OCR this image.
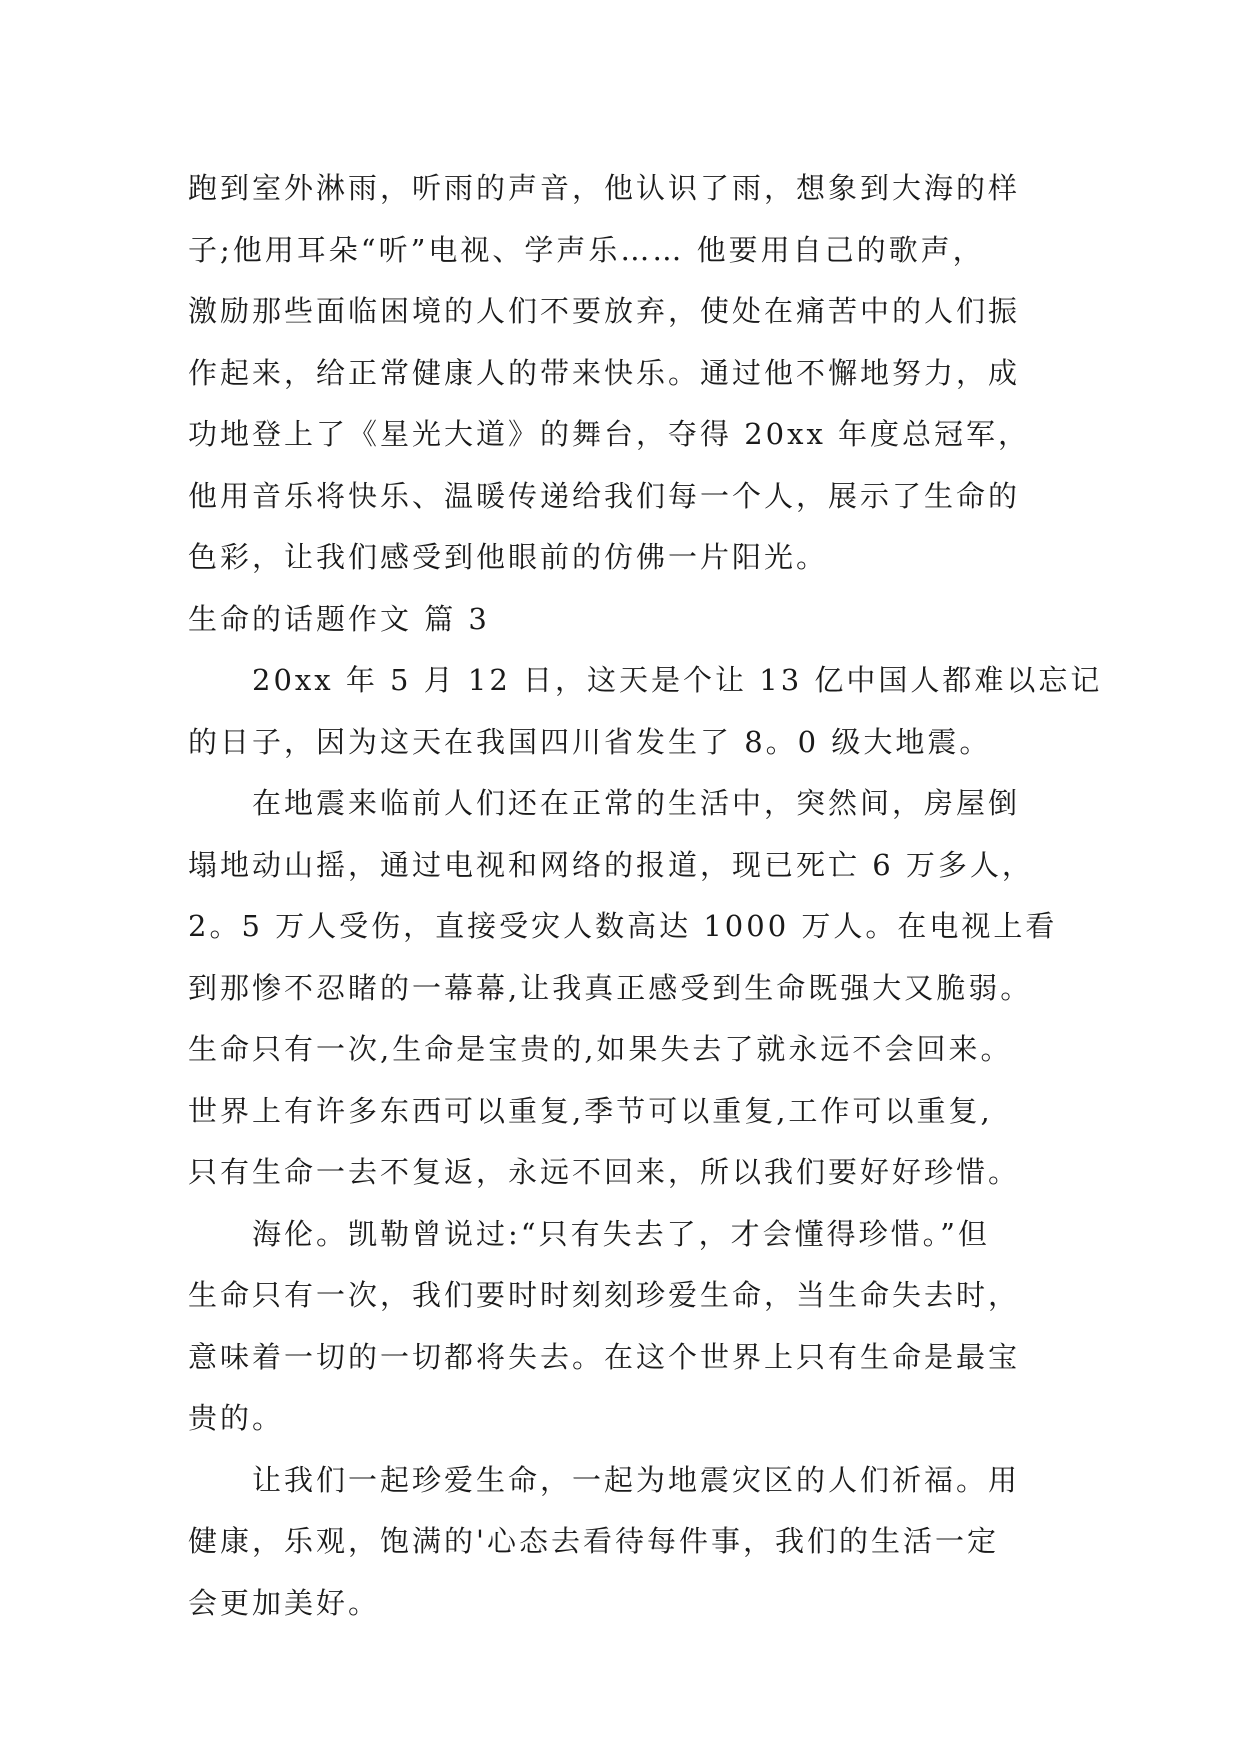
跑到室外淋雨，听雨的声音，他认识了雨，想象到大海的样
子;他用耳朵“听”电视、学声乐…… 他要用自己的歌声，
激励那些面临困境的人们不要放弃，使处在痛苦中的人们振
作起来，给正常健康人的带来快乐。通过他不懈地努力，成
功地登上了《星光大道》的舞台，夺得 20xx 年度总冠军，
他用音乐将快乐、温暖传递给我们每一个人，展示了生命的
色彩，让我们感受到他眼前的仿佛一片阳光。
生命的话题作文 篇 3
20xx 年 5 月 12 日，这天是个让 13 亿中国人都难以忘记
的日子，因为这天在我国四川省发生了 8。0 级大地震。
在地震来临前人们还在正常的生活中，突然间，房屋倒
塌地动山摇，通过电视和网络的报道，现已死亡 6 万多人，
2。5 万人受伤，直接受灾人数高达 1000 万人。在电视上看
到那惨不忍睹的一幕幕,让我真正感受到生命既强大又脆弱。
生命只有一次,生命是宝贵的,如果失去了就永远不会回来。
世界上有许多东西可以重复,季节可以重复,工作可以重复,
只有生命一去不复返，永远不回来，所以我们要好好珍惜。
海伦。凯勒曾说过:“只有失去了，才会懂得珍惜。”但
生命只有一次，我们要时时刻刻珍爱生命，当生命失去时，
意味着一切的一切都将失去。在这个世界上只有生命是最宝
贵的。
让我们一起珍爱生命，一起为地震灾区的人们祈福。用
健康，乐观，饱满的'心态去看待每件事，我们的生活一定
会更加美好。
